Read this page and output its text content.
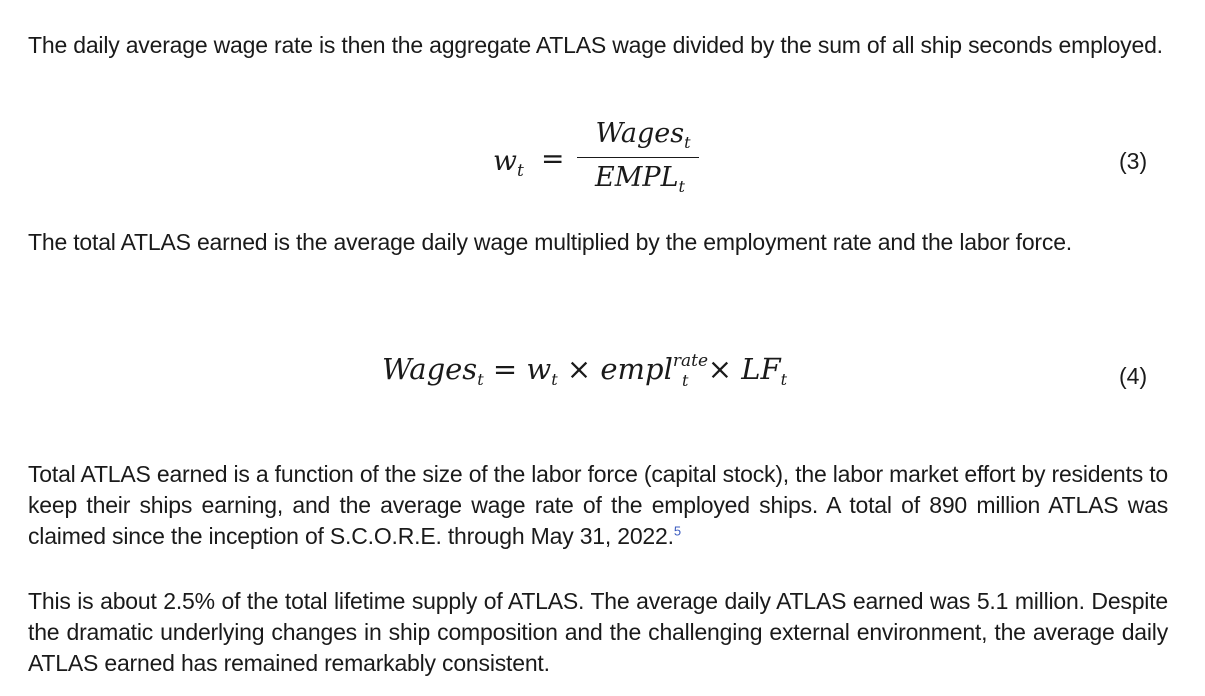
The daily average wage rate is then the aggregate ATLAS wage divided by the sum of all ship seconds employed.

$w_t$ =
Wages$_t$
$EMPL_t$
(3)

The total ATLAS earned is the average daily wage multiplied by the employment rate and the labor force.

Wages$_t$ = $w_t$ × empl$^{rate}_t$ × $LF_t$	(4)

Total ATLAS earned is a function of the size of the labor force (capital stock), the labor market effort by residents to keep their ships earning, and the average wage rate of the employed ships. A total of 890 million ATLAS was claimed since the inception of S.C.O.R.E. through May 31, 2022.$^5$

This is about 2.5% of the total lifetime supply of ATLAS. The average daily ATLAS earned was 5.1 million. Despite the dramatic underlying changes in ship composition and the challenging external environment, the average daily ATLAS earned has remained remarkably consistent.
